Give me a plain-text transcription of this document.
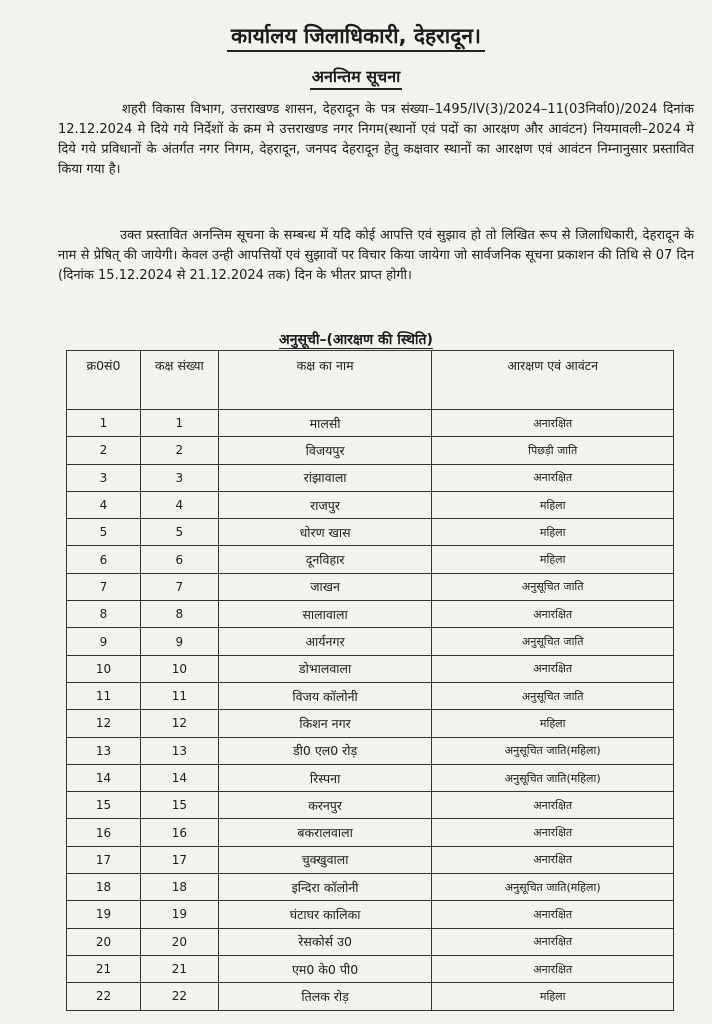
कार्यालय जिलाधिकारी, देहरादून।
अनन्तिम सूचना
शहरी विकास विभाग, उत्तराखण्ड शासन, देहरादून के पत्र संख्या–1495/IV(3)/2024–11(03निर्वा0)/2024 दिनांक 12.12.2024 मे दिये गये निर्देशों के क्रम मे उत्तराखण्ड नगर निगम(स्थानों एवं पदों का आरक्षण और आवंटन) नियमावली–2024 मे दिये गये प्रविधानों के अंतर्गत नगर निगम, देहरादून, जनपद देहरादून हेतु कक्षवार स्थानों का आरक्षण एवं आवंटन निम्नानुसार प्रस्तावित किया गया है।
उक्त प्रस्तावित अनन्तिम सूचना के सम्बन्ध में यदि कोई आपत्ति एवं सुझाव हो तो लिखित रूप से जिलाधिकारी, देहरादून के नाम से प्रेषित् की जायेगी। केवल उन्ही आपत्तियों एवं सुझावों पर विचार किया जायेगा जो सार्वजनिक सूचना प्रकाशन की तिथि से 07 दिन (दिनांक 15.12.2024 से 21.12.2024 तक) दिन के भीतर प्राप्त होगी।
अनुसूची–(आरक्षण की स्थिति)
क्र0सं0	कक्ष संख्या	कक्ष का नाम	आरक्षण एवं आवंटन
1	1	मालसी	अनारक्षित
2	2	विजयपुर	पिछड़ी जाति
3	3	रांझावाला	अनारक्षित
4	4	राजपुर	महिला
5	5	धोरण खास	महिला
6	6	दूनविहार	महिला
7	7	जाखन	अनुसूचित जाति
8	8	सालावाला	अनारक्षित
9	9	आर्यनगर	अनुसूचित जाति
10	10	डोभालवाला	अनारक्षित
11	11	विजय कॉलोनी	अनुसूचित जाति
12	12	किशन नगर	महिला
13	13	डी0 एल0 रोड़	अनुसूचित जाति(महिला)
14	14	रिस्पना	अनुसूचित जाति(महिला)
15	15	करनपुर	अनारक्षित
16	16	बकरालवाला	अनारक्षित
17	17	चुक्खुवाला	अनारक्षित
18	18	इन्दिरा कॉलोनी	अनुसूचित जाति(महिला)
19	19	घंटाघर कालिका	अनारक्षित
20	20	रेसकोर्स उ0	अनारक्षित
21	21	एम0 के0 पी0	अनारक्षित
22	22	तिलक रोड़	महिला
